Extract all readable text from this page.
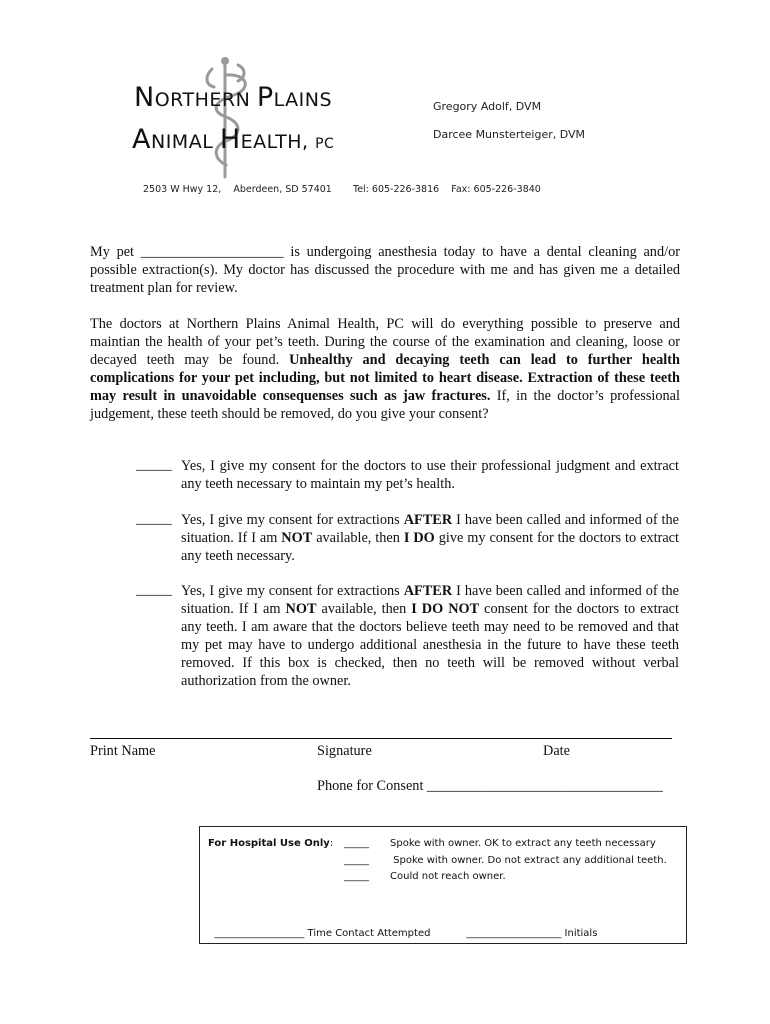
NORTHERN PLAINS
ANIMAL HEALTH, PC
Gregory Adolf, DVM
Darcee Munsterteiger, DVM
2503 W Hwy 12,    Aberdeen, SD 57401 Tel: 605-226-3816    Fax: 605-226-3840
My pet ____________________ is undergoing anesthesia today to have a dental cleaning and/or possible extraction(s). My doctor has discussed the procedure with me and has given me a detailed treatment plan for review.
The doctors at Northern Plains Animal Health, PC will do everything possible to preserve and maintian the health of your pet’s teeth. During the course of the examination and cleaning, loose or decayed teeth may be found. Unhealthy and decaying teeth can lead to further health complications for your pet including, but not limited to heart disease. Extraction of these teeth may result in unavoidable consequenses such as jaw fractures. If, in the doctor’s professional judgement, these teeth should be removed, do you give your consent?
_____ Yes, I give my consent for the doctors to use their professional judgment and extract any teeth necessary to maintain my pet’s health.
_____ Yes, I give my consent for extractions AFTER I have been called and informed of the situation. If I am NOT available, then I DO give my consent for the doctors to extract any teeth necessary.
_____ Yes, I give my consent for extractions AFTER I have been called and informed of the situation. If I am NOT available, then I DO NOT consent for the doctors to extract any teeth. I am aware that the doctors believe teeth may need to be removed and that my pet may have to undergo additional anesthesia in the future to have these teeth removed. If this box is checked, then no teeth will be removed without verbal authorization from the owner.
Print Name	Signature	Date
Phone for Consent _________________________________
For Hospital Use Only: _____ Spoke with owner. OK to extract any teeth necessary
_____ Spoke with owner. Do not extract any additional teeth.
_____ Could not reach owner.

__________________ Time Contact Attempted	___________________ Initials
